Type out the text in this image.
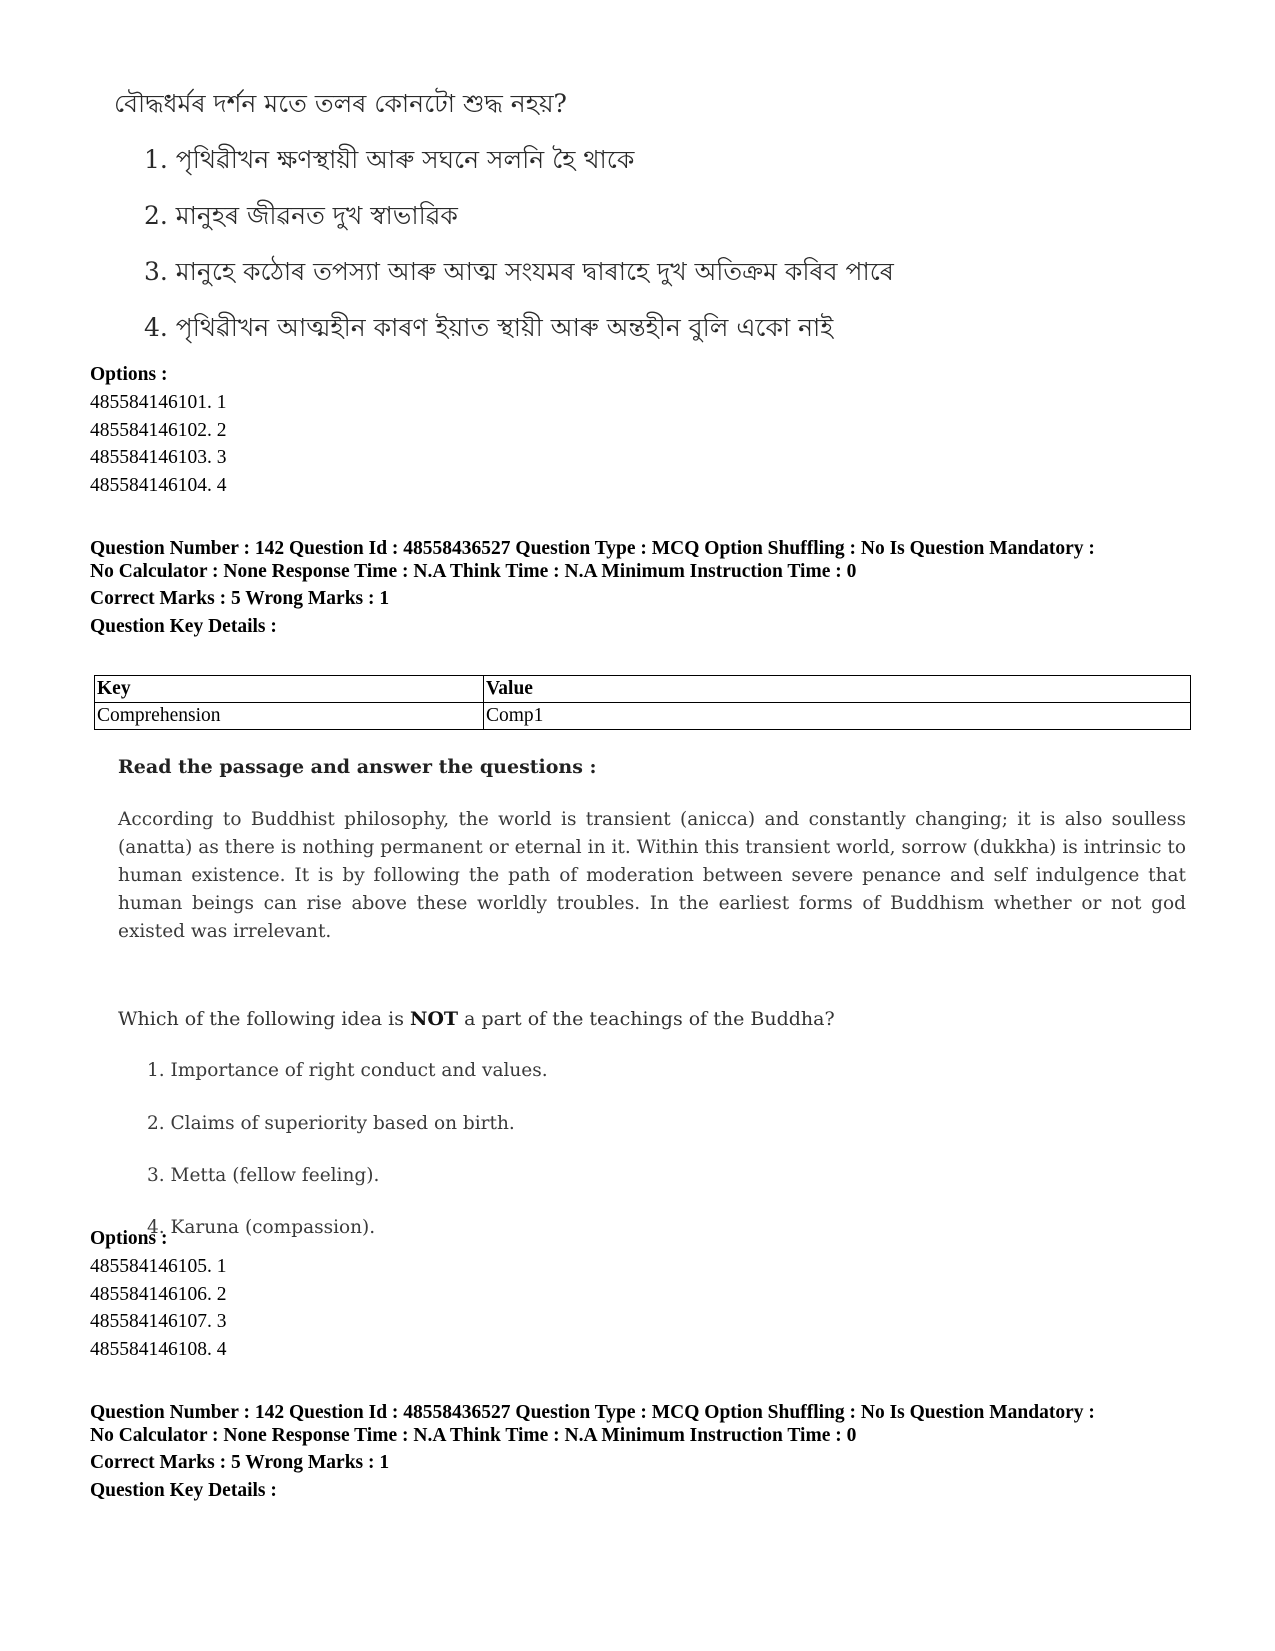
বৌদ্ধধৰ্মৰ দৰ্শন মতে তলৰ কোনটো শুদ্ধ নহয়?
1. পৃথিৱীখন ক্ষণস্থায়ী আৰু সঘনে সলনি হৈ থাকে
2. মানুহৰ জীৱনত দুখ স্বাভাৱিক
3. মানুহে কঠোৰ তপস্যা আৰু আত্ম সংযমৰ দ্বাৰাহে দুখ অতিক্ৰম কৰিব পাৰে
4. পৃথিৱীখন আত্মহীন কাৰণ ইয়াত স্থায়ী আৰু অন্তহীন বুলি একো নাই
Options :
485584146101. 1
485584146102. 2
485584146103. 3
485584146104. 4
Question Number : 142 Question Id : 48558436527 Question Type : MCQ Option Shuffling : No Is Question Mandatory :
No Calculator : None Response Time : N.A Think Time : N.A Minimum Instruction Time : 0
Correct Marks : 5 Wrong Marks : 1
Question Key Details :
Key	Value
Comprehension	Comp1
Read the passage and answer the questions :
According to Buddhist philosophy, the world is transient (anicca) and constantly changing; it is also soulless (anatta) as there is nothing permanent or eternal in it. Within this transient world, sorrow (dukkha) is intrinsic to human existence. It is by following the path of moderation between severe penance and self indulgence that human beings can rise above these worldly troubles. In the earliest forms of Buddhism whether or not god existed was irrelevant.
Which of the following idea is NOT a part of the teachings of the Buddha?
1. Importance of right conduct and values.
2. Claims of superiority based on birth.
3. Metta (fellow feeling).
4. Karuna (compassion).
Options :
485584146105. 1
485584146106. 2
485584146107. 3
485584146108. 4
Question Number : 142 Question Id : 48558436527 Question Type : MCQ Option Shuffling : No Is Question Mandatory :
No Calculator : None Response Time : N.A Think Time : N.A Minimum Instruction Time : 0
Correct Marks : 5 Wrong Marks : 1
Question Key Details :
